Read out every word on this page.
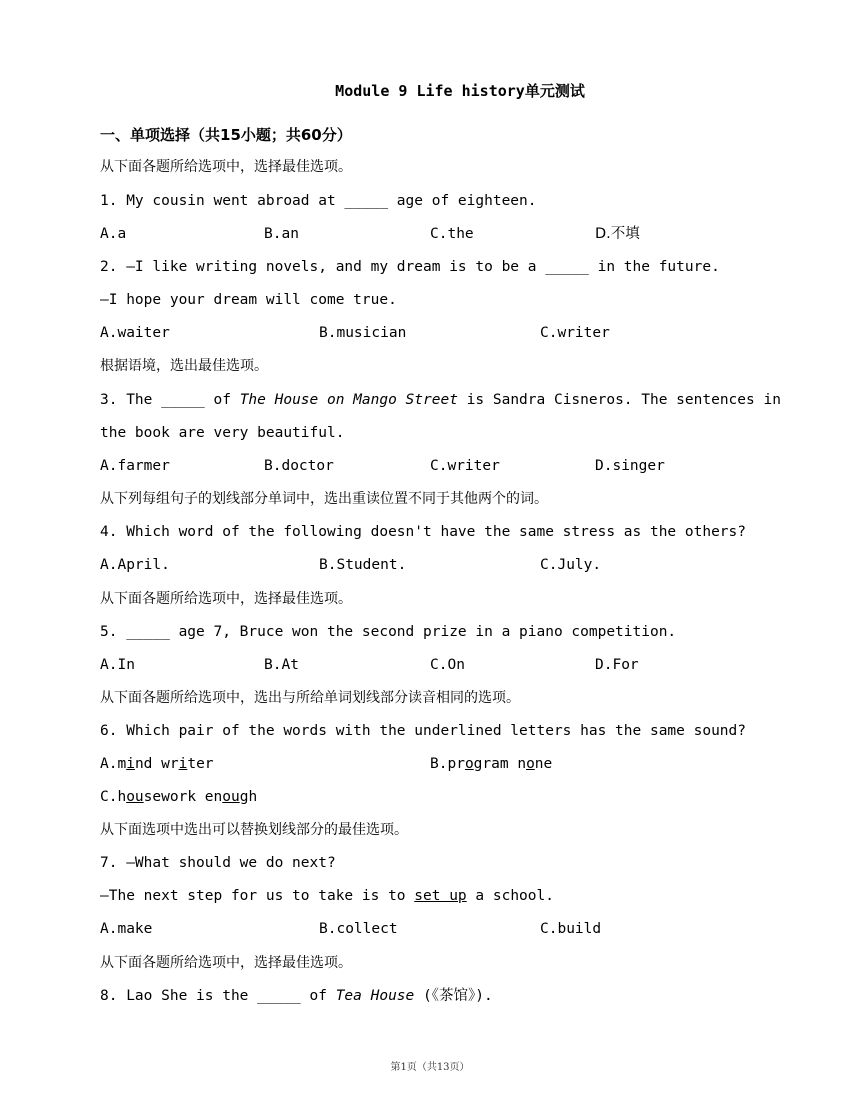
Module 9 Life history单元测试
一、单项选择（共15小题；共60分）
从下面各题所给选项中，选择最佳选项。
1. My cousin went abroad at _____ age of eighteen.
A.a	B.an	C.the	D.不填
2. —I like writing novels, and my dream is to be a _____ in the future.
—I hope your dream will come true.
A.waiter	B.musician	C.writer
根据语境，选出最佳选项。
3. The _____ of The House on Mango Street is Sandra Cisneros. The sentences in
the book are very beautiful.
A.farmer	B.doctor	C.writer	D.singer
从下列每组句子的划线部分单词中，选出重读位置不同于其他两个的词。
4. Which word of the following doesn't have the same stress as the others?
A.April.	B.Student.	C.July.
从下面各题所给选项中，选择最佳选项。
5. _____ age 7, Bruce won the second prize in a piano competition.
A.In	B.At	C.On	D.For
从下面各题所给选项中，选出与所给单词划线部分读音相同的选项。
6. Which pair of the words with the underlined letters has the same sound?
A.mind writer	B.program none
C.housework enough
从下面选项中选出可以替换划线部分的最佳选项。
7. —What should we do next?
—The next step for us to take is to set up a school.
A.make	B.collect	C.build
从下面各题所给选项中，选择最佳选项。
8. Lao She is the _____ of Tea House (《茶馆》).
第1页（共13页）
